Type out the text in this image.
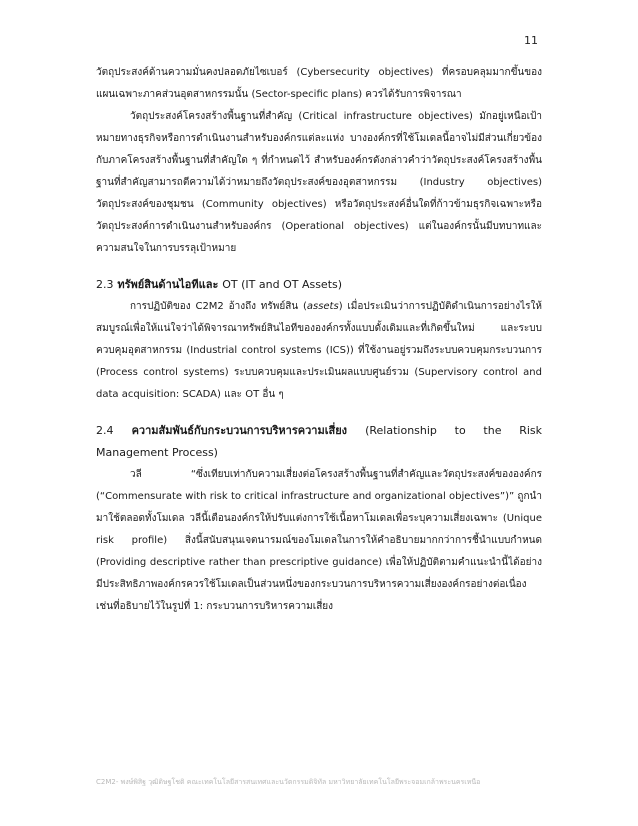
11

วัตถุประสงค์ด้านความมั่นคงปลอดภัยไซเบอร์ (Cybersecurity objectives) ที่ครอบคลุมมากขึ้นของแผนเฉพาะภาคส่วนอุตสาหกรรมนั้น (Sector-specific plans) ควรได้รับการพิจารณา

วัตถุประสงค์โครงสร้างพื้นฐานที่สำคัญ (Critical infrastructure objectives) มักอยู่เหนือเป้าหมายทางธุรกิจหรือการดำเนินงานสำหรับองค์กรแต่ละแห่ง บางองค์กรที่ใช้โมเดลนี้อาจไม่มีส่วนเกี่ยวข้องกับภาคโครงสร้างพื้นฐานที่สำคัญใด ๆ ที่กำหนดไว้ สำหรับองค์กรดังกล่าวคำว่าวัตถุประสงค์โครงสร้างพื้นฐานที่สำคัญสามารถตีความได้ว่าหมายถึงวัตถุประสงค์ของอุตสาหกรรม (Industry objectives) วัตถุประสงค์ของชุมชน (Community objectives) หรือวัตถุประสงค์อื่นใดที่ก้าวข้ามธุรกิจเฉพาะหรือวัตถุประสงค์การดำเนินงานสำหรับองค์กร (Operational objectives) แต่ในองค์กรนั้นมีบทบาทและความสนใจในการบรรลุเป้าหมาย

2.3 ทรัพย์สินด้านไอทีและ OT (IT and OT Assets)

การปฏิบัติของ C2M2 อ้างถึง ทรัพย์สิน (assets) เมื่อประเมินว่าการปฏิบัติดำเนินการอย่างไรให้สมบูรณ์เพื่อให้แน่ใจว่าได้พิจารณาทรัพย์สินไอทีขององค์กรทั้งแบบดั้งเดิมและที่เกิดขึ้นใหม่ และระบบควบคุมอุตสาหกรรม (Industrial control systems (ICS)) ที่ใช้งานอยู่รวมถึงระบบควบคุมกระบวนการ (Process control systems) ระบบควบคุมและประเมินผลแบบศูนย์รวม (Supervisory control and data acquisition: SCADA) และ OT อื่น ๆ

2.4 ความสัมพันธ์กับกระบวนการบริหารความเสี่ยง (Relationship to the Risk Management Process)

วลี “ซึ่งเทียบเท่ากับความเสี่ยงต่อโครงสร้างพื้นฐานที่สำคัญและวัตถุประสงค์ขององค์กร (“Commensurate with risk to critical infrastructure and organizational objectives”)” ถูกนำมาใช้ตลอดทั้งโมเดล วลีนี้เตือนองค์กรให้ปรับแต่งการใช้เนื้อหาโมเดลเพื่อระบุความเสี่ยงเฉพาะ (Unique risk profile) สิ่งนี้สนับสนุนเจตนารมณ์ของโมเดลในการให้คำอธิบายมากกว่าการชี้นำแบบกำหนด (Providing descriptive rather than prescriptive guidance) เพื่อให้ปฏิบัติตามคำแนะนำนี้ได้อย่างมีประสิทธิภาพองค์กรควรใช้โมเดลเป็นส่วนหนึ่งของกระบวนการบริหารความเสี่ยงองค์กรอย่างต่อเนื่องเช่นที่อธิบายไว้ในรูปที่ 1: กระบวนการบริหารความเสี่ยง

C2M2- พงษ์พิสิฐ วุฒิดิษฐโชติ คณะเทคโนโลยีสารสนเทศและนวัตกรรมดิจิทัล มหาวิทยาลัยเทคโนโลยีพระจอมเกล้าพระนครเหนือ
